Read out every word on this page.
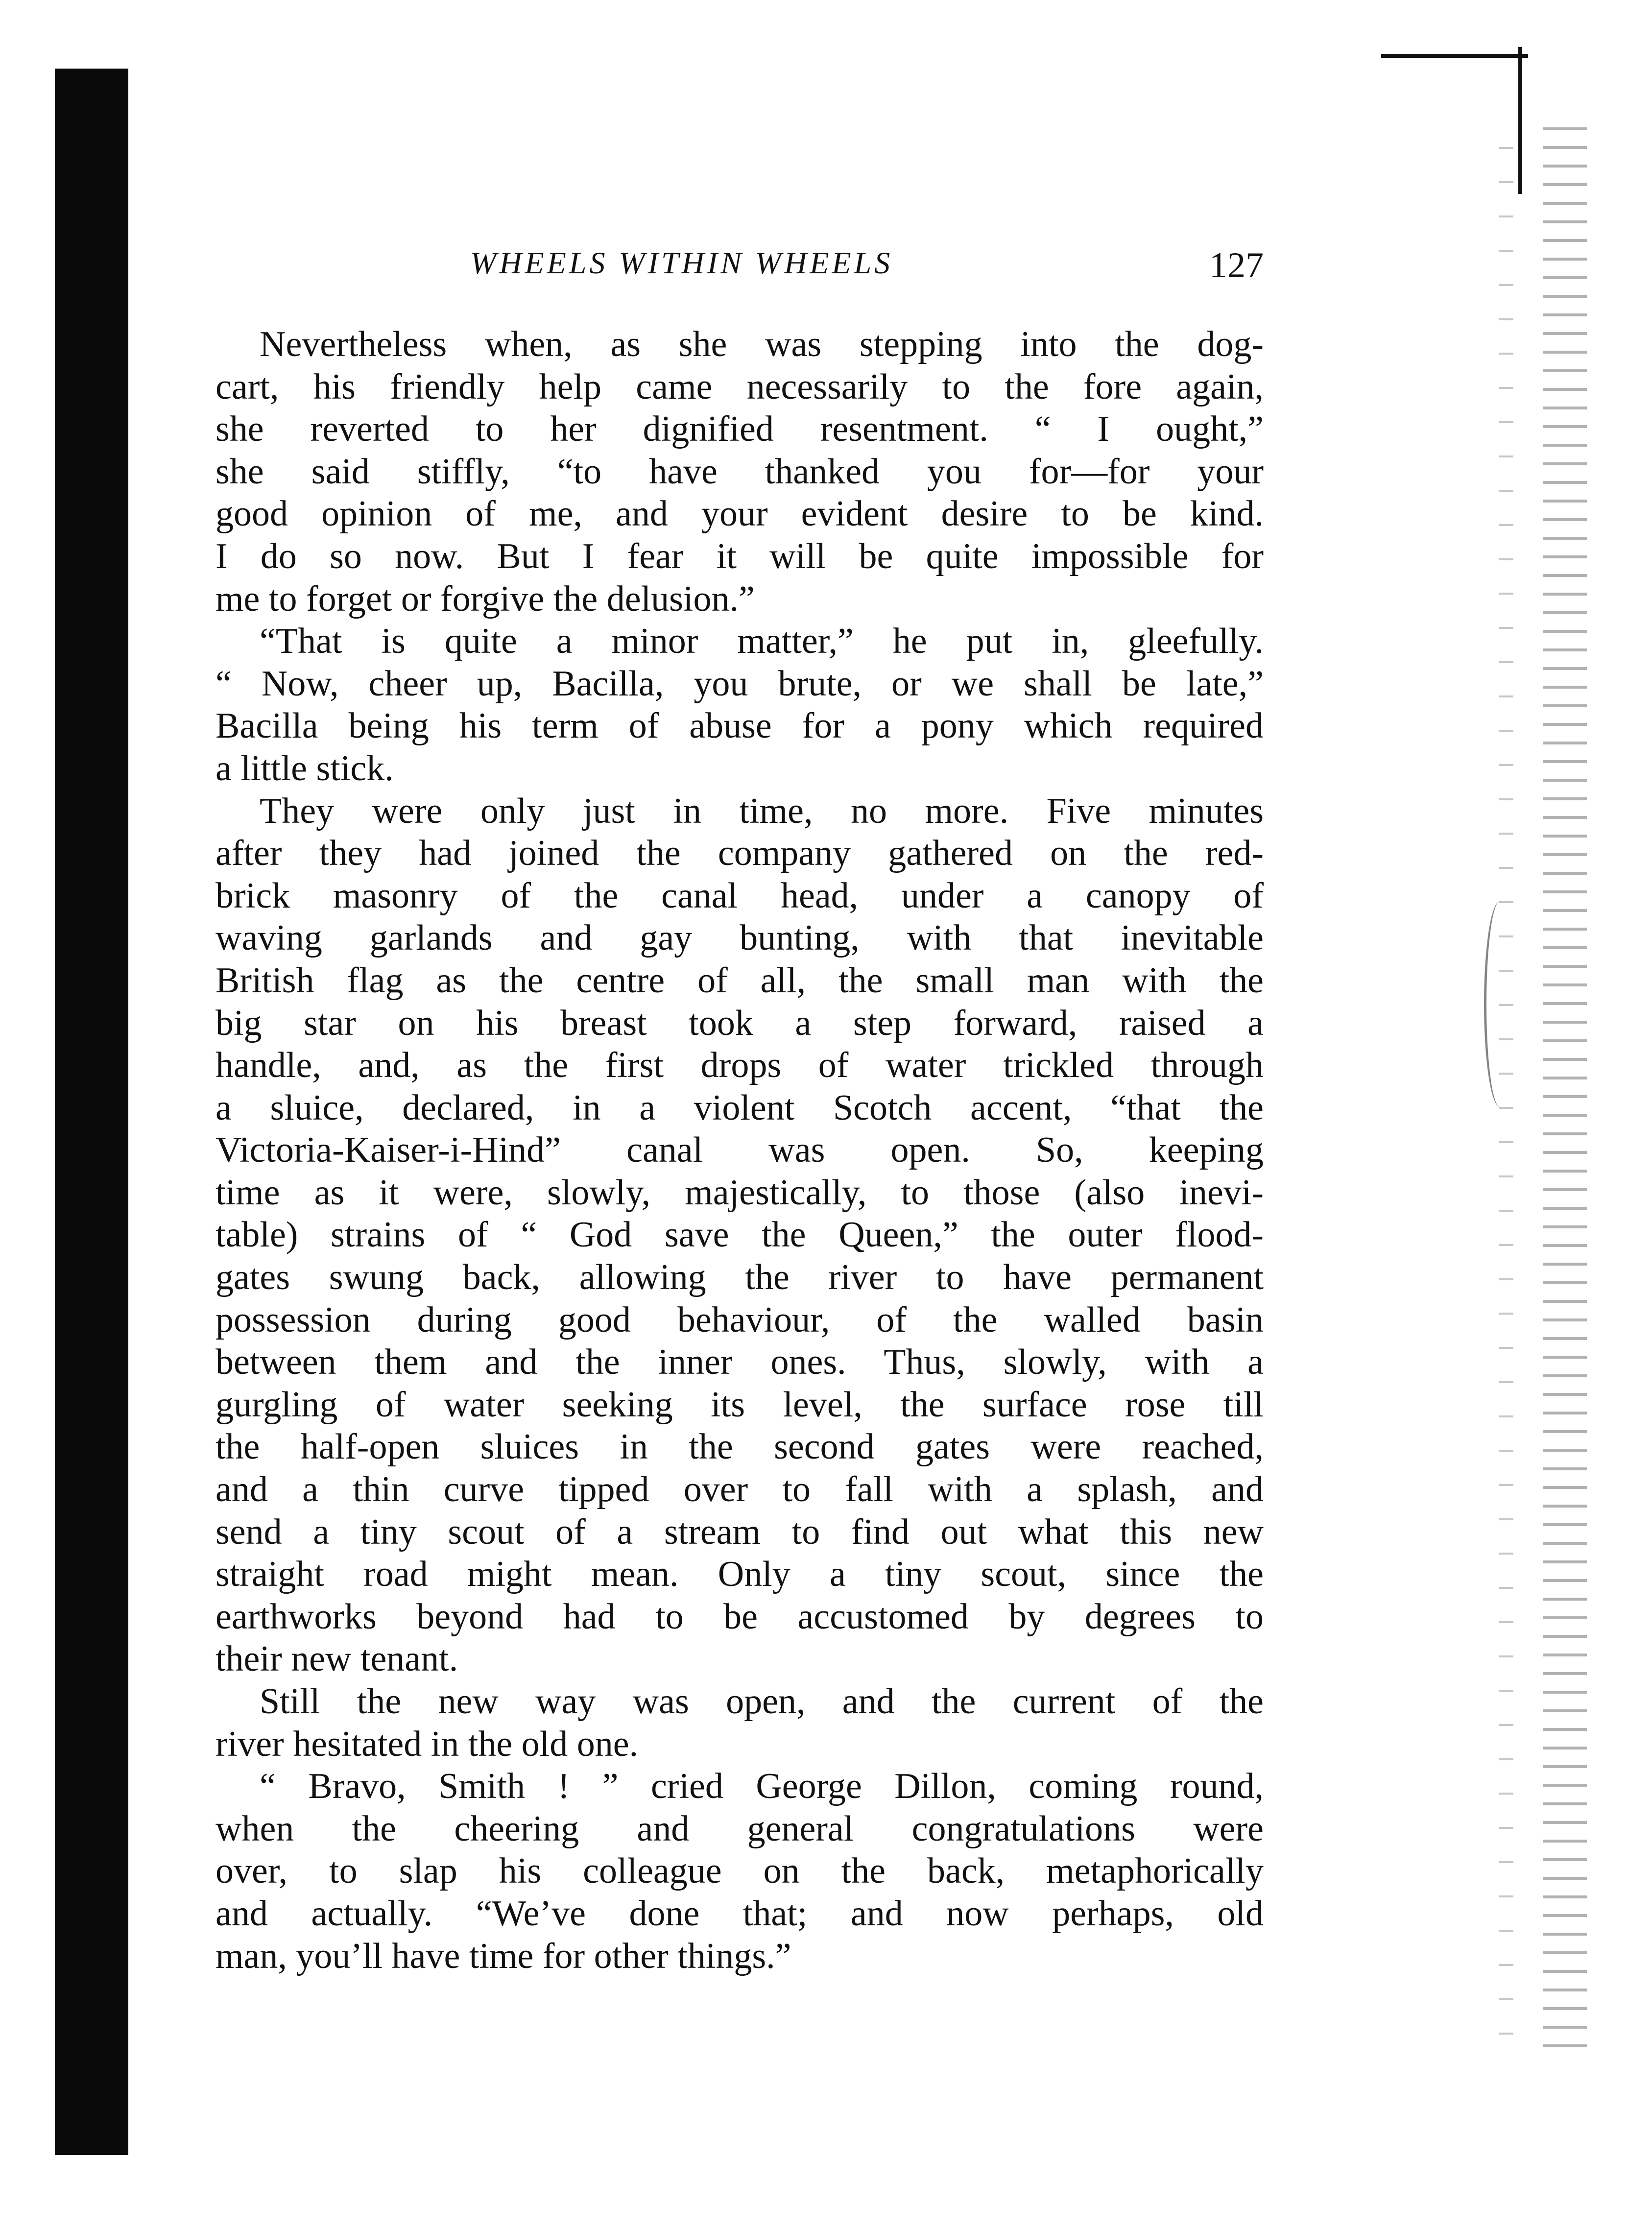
WHEELS WITHIN WHEELS	127
Nevertheless when, as she was stepping into the dog-
cart, his friendly help came necessarily to the fore again,
she reverted to her dignified resentment. “ I ought,”
she said stiffly, “to have thanked you for—for your
good opinion of me, and your evident desire to be kind.
I do so now. But I fear it will be quite impossible for
me to forget or forgive the delusion.”
“That is quite a minor matter,” he put in, gleefully.
“ Now, cheer up, Bacilla, you brute, or we shall be late,”
Bacilla being his term of abuse for a pony which required
a little stick.
They were only just in time, no more. Five minutes
after they had joined the company gathered on the red-
brick masonry of the canal head, under a canopy of
waving garlands and gay bunting, with that inevitable
British flag as the centre of all, the small man with the
big star on his breast took a step forward, raised a
handle, and, as the first drops of water trickled through
a sluice, declared, in a violent Scotch accent, “that the
Victoria-Kaiser-i-Hind” canal was open. So, keeping
time as it were, slowly, majestically, to those (also inevi-
table) strains of “ God save the Queen,” the outer flood-
gates swung back, allowing the river to have permanent
possession during good behaviour, of the walled basin
between them and the inner ones. Thus, slowly, with a
gurgling of water seeking its level, the surface rose till
the half-open sluices in the second gates were reached,
and a thin curve tipped over to fall with a splash, and
send a tiny scout of a stream to find out what this new
straight road might mean. Only a tiny scout, since the
earthworks beyond had to be accustomed by degrees to
their new tenant.
Still the new way was open, and the current of the
river hesitated in the old one.
“ Bravo, Smith ! ” cried George Dillon, coming round,
when the cheering and general congratulations were
over, to slap his colleague on the back, metaphorically
and actually. “We’ve done that; and now perhaps, old
man, you’ll have time for other things.”
